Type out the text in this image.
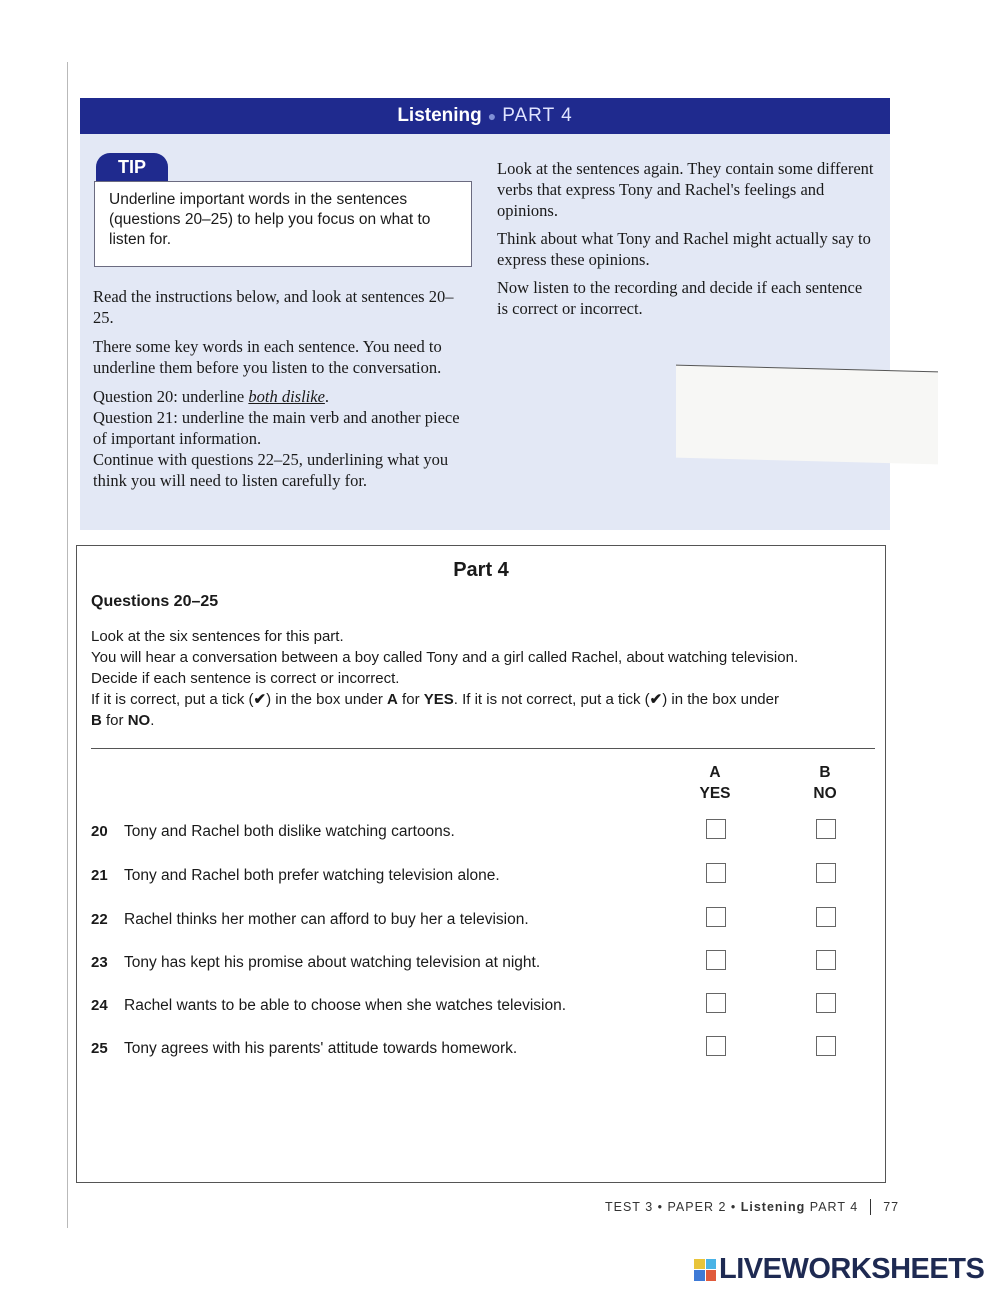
Listening ● PART 4
TIP
Underline important words in the sentences (questions 20–25) to help you focus on what to listen for.

Read the instructions below, and look at sentences 20–25.

There some key words in each sentence. You need to underline them before you listen to the conversation.

Question 20: underline both dislike.

Question 21: underline the main verb and another piece of important information.

Continue with questions 22–25, underlining what you think you will need to listen carefully for.

Look at the sentences again. They contain some different verbs that express Tony and Rachel's feelings and opinions.

Think about what Tony and Rachel might actually say to express these opinions.

Now listen to the recording and decide if each sentence is correct or incorrect.

Part 4
Questions 20–25

Look at the six sentences for this part.

You will hear a conversation between a boy called Tony and a girl called Rachel, about watching television.

Decide if each sentence is correct or incorrect.

If it is correct, put a tick (✔) in the box under A for YES. If it is not correct, put a tick (✔) in the box under

B for NO.

A
YES
B
NO
20 Tony and Rachel both dislike watching cartoons.
21 Tony and Rachel both prefer watching television alone.
22 Rachel thinks her mother can afford to buy her a television.
23 Tony has kept his promise about watching television at night.
24 Rachel wants to be able to choose when she watches television.
25 Tony agrees with his parents' attitude towards homework.
TEST 3
•
PAPER 2
•
Listening
PART 4 77
LIVEWORKSHEETS
